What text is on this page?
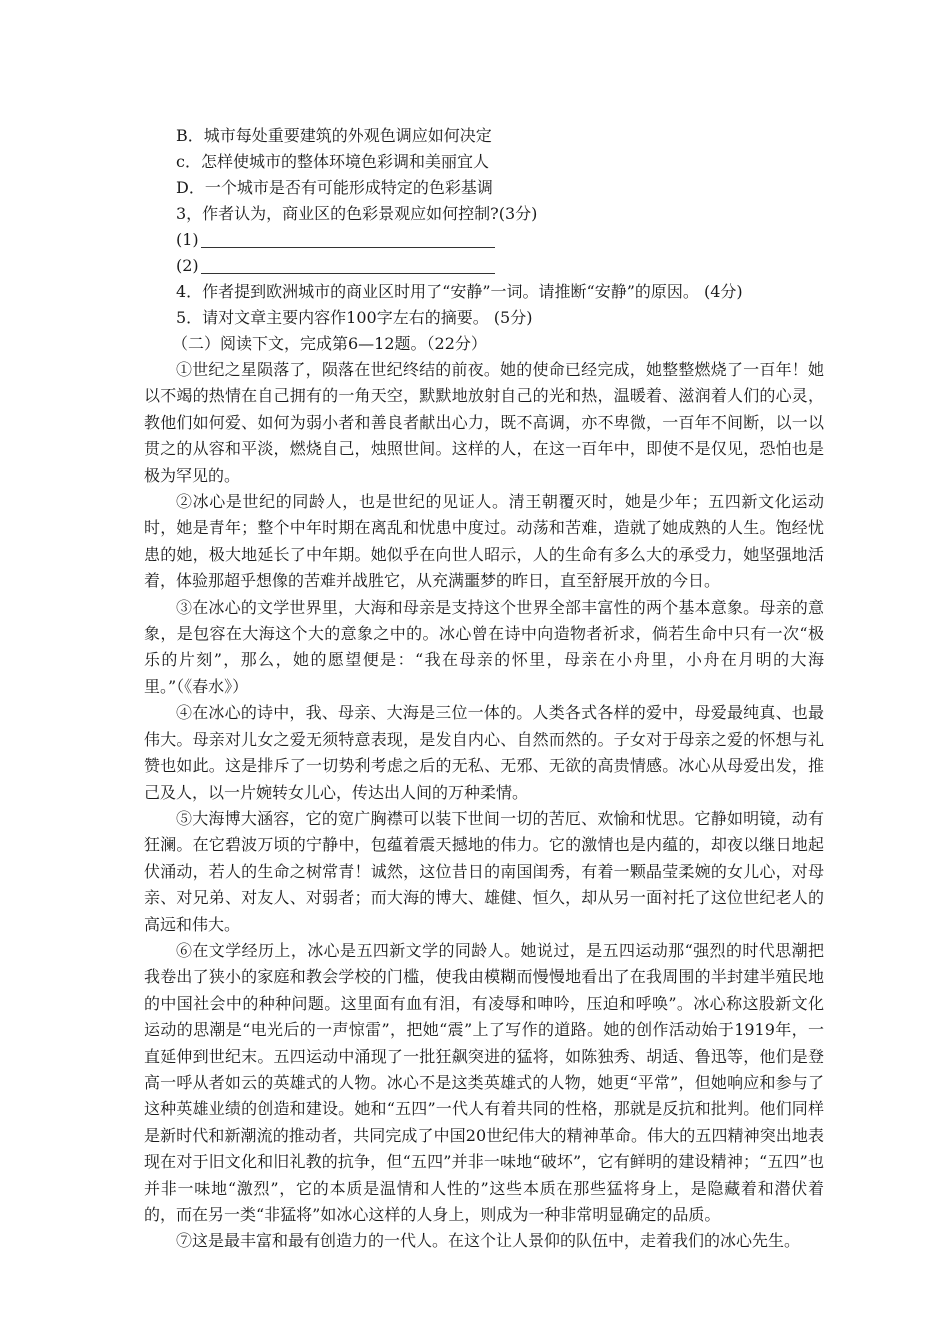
B．城市每处重要建筑的外观色调应如何决定
c．怎样使城市的整体环境色彩调和美丽宜人
D．一个城市是否有可能形成特定的色彩基调
3，作者认为，商业区的色彩景观应如何控制?(3分)
(1)
(2)
4．作者提到欧洲城市的商业区时用了“安静”一词。请推断“安静”的原因。 (4分)
5．请对文章主要内容作100字左右的摘要。 (5分)
（二）阅读下文，完成第6—12题。（22分）

①世纪之星陨落了，陨落在世纪终结的前夜。她的使命已经完成，她整整燃烧了一百年！她以不竭的热情在自己拥有的一角天空，默默地放射自己的光和热，温暖着、滋润着人们的心灵，教他们如何爱、如何为弱小者和善良者献出心力，既不高调，亦不卑微，一百年不间断，以一以贯之的从容和平淡，燃烧自己，烛照世间。这样的人，在这一百年中，即使不是仅见，恐怕也是极为罕见的。

②冰心是世纪的同龄人，也是世纪的见证人。清王朝覆灭时，她是少年；五四新文化运动时，她是青年；整个中年时期在离乱和忧患中度过。动荡和苦难，造就了她成熟的人生。饱经忧患的她，极大地延长了中年期。她似乎在向世人昭示，人的生命有多么大的承受力，她坚强地活着，体验那超乎想像的苦难并战胜它，从充满噩梦的昨日，直至舒展开放的今日。

③在冰心的文学世界里，大海和母亲是支持这个世界全部丰富性的两个基本意象。母亲的意象，是包容在大海这个大的意象之中的。冰心曾在诗中向造物者祈求，倘若生命中只有一次“极乐的片刻”，那么，她的愿望便是：“我在母亲的怀里，母亲在小舟里，小舟在月明的大海里。”（《春水》）

④在冰心的诗中，我、母亲、大海是三位一体的。人类各式各样的爱中，母爱最纯真、也最伟大。母亲对儿女之爱无须特意表现，是发自内心、自然而然的。子女对于母亲之爱的怀想与礼赞也如此。这是排斥了一切势利考虑之后的无私、无邪、无欲的高贵情感。冰心从母爱出发，推己及人，以一片婉转女儿心，传达出人间的万种柔情。

⑤大海博大涵容，它的宽广胸襟可以装下世间一切的苦厄、欢愉和忧思。它静如明镜，动有狂澜。在它碧波万顷的宁静中，包蕴着震天撼地的伟力。它的激情也是内蕴的，却夜以继日地起伏涌动，若人的生命之树常青！诚然，这位昔日的南国闺秀，有着一颗晶莹柔婉的女儿心，对母亲、对兄弟、对友人、对弱者；而大海的博大、雄健、恒久，却从另一面衬托了这位世纪老人的高远和伟大。

⑥在文学经历上，冰心是五四新文学的同龄人。她说过，是五四运动那“强烈的时代思潮把我卷出了狭小的家庭和教会学校的门槛，使我由模糊而慢慢地看出了在我周围的半封建半殖民地的中国社会中的种种问题。这里面有血有泪，有凌辱和呻吟，压迫和呼唤”。冰心称这股新文化运动的思潮是“电光后的一声惊雷”，把她“震”上了写作的道路。她的创作活动始于1919年，一直延伸到世纪末。五四运动中涌现了一批狂飙突进的猛将，如陈独秀、胡适、鲁迅等，他们是登高一呼从者如云的英雄式的人物。冰心不是这类英雄式的人物，她更“平常”，但她响应和参与了这种英雄业绩的创造和建设。她和“五四”一代人有着共同的性格，那就是反抗和批判。他们同样是新时代和新潮流的推动者，共同完成了中国20世纪伟大的精神革命。伟大的五四精神突出地表现在对于旧文化和旧礼教的抗争，但“五四”并非一味地“破坏”，它有鲜明的建设精神；“五四”也并非一味地“激烈”，它的本质是温情和人性的”这些本质在那些猛将身上，是隐藏着和潜伏着的，而在另一类“非猛将”如冰心这样的人身上，则成为一种非常明显确定的品质。

⑦这是最丰富和最有创造力的一代人。在这个让人景仰的队伍中，走着我们的冰心先生。
